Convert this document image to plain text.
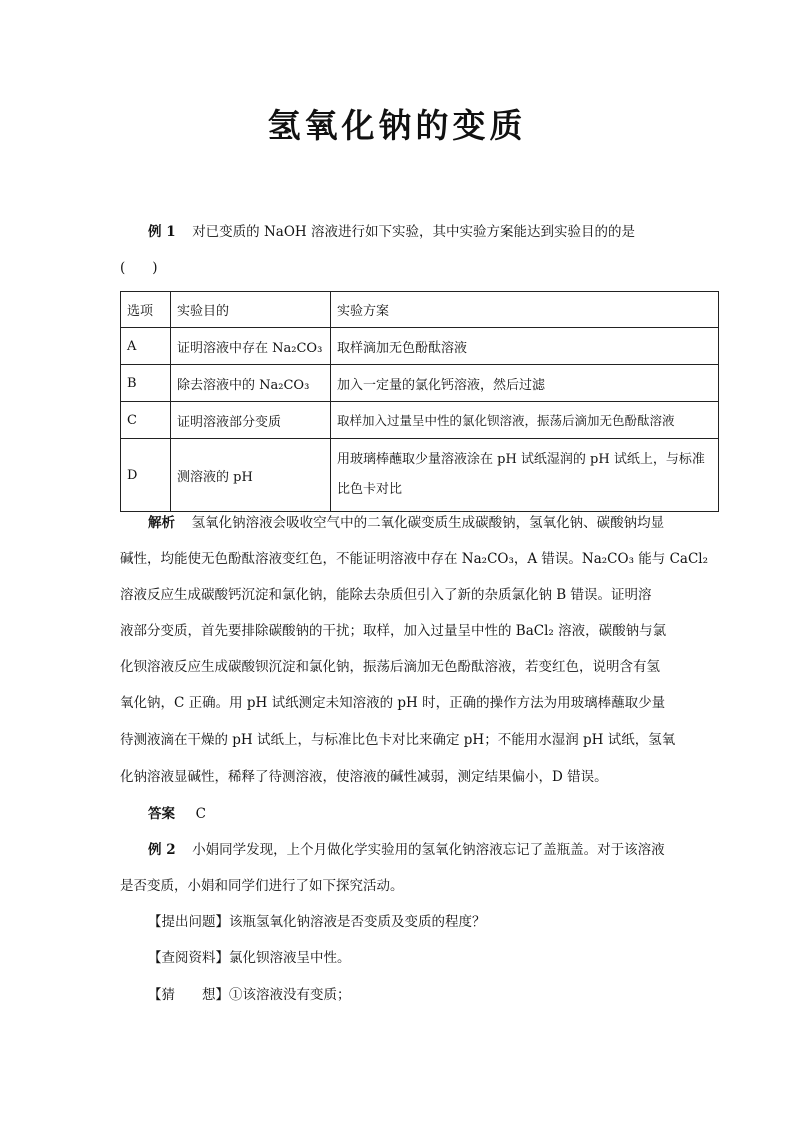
氢氧化钠的变质
例 1 对已变质的 NaOH 溶液进行如下实验，其中实验方案能达到实验目的的是
(　　)
选项	实验目的	实验方案
A	证明溶液中存在 Na₂CO₃	取样滴加无色酚酞溶液
B	除去溶液中的 Na₂CO₃	加入一定量的氯化钙溶液，然后过滤
C	证明溶液部分变质	取样加入过量呈中性的氯化钡溶液，振荡后滴加无色酚酞溶液
D	测溶液的 pH	用玻璃棒蘸取少量溶液涂在 pH 试纸湿润的 pH 试纸上，与标准比色卡对比
解析 氢氧化钠溶液会吸收空气中的二氧化碳变质生成碳酸钠，氢氧化钠、碳酸钠均显
碱性，均能使无色酚酞溶液变红色，不能证明溶液中存在 Na₂CO₃，A 错误。Na₂CO₃ 能与 CaCl₂
溶液反应生成碳酸钙沉淀和氯化钠，能除去杂质但引入了新的杂质氯化钠 B 错误。证明溶
液部分变质，首先要排除碳酸钠的干扰；取样，加入过量呈中性的 BaCl₂ 溶液，碳酸钠与氯
化钡溶液反应生成碳酸钡沉淀和氯化钠，振荡后滴加无色酚酞溶液，若变红色，说明含有氢
氧化钠，C 正确。用 pH 试纸测定未知溶液的 pH 时，正确的操作方法为用玻璃棒蘸取少量
待测液滴在干燥的 pH 试纸上，与标准比色卡对比来确定 pH；不能用水湿润 pH 试纸，氢氧
化钠溶液显碱性，稀释了待测溶液，使溶液的碱性减弱，测定结果偏小，D 错误。
答案 C
例 2 小娟同学发现，上个月做化学实验用的氢氧化钠溶液忘记了盖瓶盖。对于该溶液
是否变质，小娟和同学们进行了如下探究活动。
【提出问题】该瓶氢氧化钠溶液是否变质及变质的程度？
【查阅资料】氯化钡溶液呈中性。
【猜　　想】①该溶液没有变质；
